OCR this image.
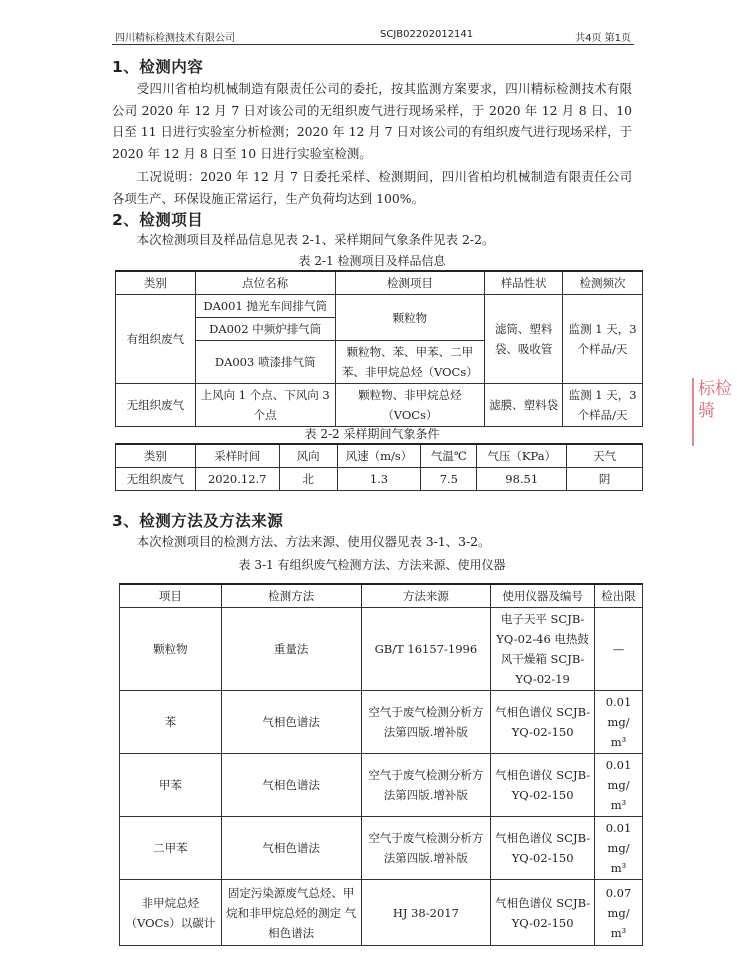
四川精标检测技术有限公司	SCJB02202012141	共4页 第1页
1、检测内容

受四川省柏均机械制造有限责任公司的委托，按其监测方案要求，四川精标检测技术有限公司 2020 年 12 月 7 日对该公司的无组织废气进行现场采样，于 2020 年 12 月 8 日、10 日至 11 日进行实验室分析检测；2020 年 12 月 7 日对该公司的有组织废气进行现场采样，于 2020 年 12 月 8 日至 10 日进行实验室检测。

工况说明：2020 年 12 月 7 日委托采样、检测期间，四川省柏均机械制造有限责任公司各项生产、环保设施正常运行，生产负荷均达到 100%。

2、检测项目

本次检测项目及样品信息见表 2-1、采样期间气象条件见表 2-2。

表 2-1 检测项目及样品信息
类别	点位名称	检测项目	样品性状	检测频次
有组织废气	DA001 抛光车间排气筒	颗粒物	滤筒、塑料袋、吸收管	监测 1 天，3 个样品/天
	DA002 中频炉排气筒			
	DA003 喷漆排气筒	颗粒物、苯、甲苯、二甲苯、非甲烷总烃（VOCs）		
无组织废气	上风向 1 个点、下风向 3 个点	颗粒物、非甲烷总烃（VOCs）	滤膜、塑料袋	监测 1 天，3 个样品/天
表 2-2 采样期间气象条件
类别	采样时间	风向	风速（m/s）	气温℃	气压（KPa）	天气
无组织废气	2020.12.7	北	1.3	7.5	98.51	阴
3、检测方法及方法来源

本次检测项目的检测方法、方法来源、使用仪器见表 3-1、3-2。

表 3-1 有组织废气检测方法、方法来源、使用仪器
项目	检测方法	方法来源	使用仪器及编号	检出限
颗粒物	重量法	GB/T 16157-1996	电子天平 SCJB-YQ-02-46 电热鼓风干燥箱 SCJB-YQ-02-19	—
苯	气相色谱法	空气于废气检测分析方法第四版.增补版	气相色谱仪 SCJB-YQ-02-150	0.01 mg/ m³
甲苯	气相色谱法	空气于废气检测分析方法第四版.增补版	气相色谱仪 SCJB-YQ-02-150	0.01 mg/ m³
二甲苯	气相色谱法	空气于废气检测分析方法第四版.增补版	气相色谱仪 SCJB-YQ-02-150	0.01 mg/ m³
非甲烷总烃（VOCs）以碳计	固定污染源废气总烃、甲烷和非甲烷总烃的测定 气相色谱法	HJ 38-2017	气相色谱仪 SCJB-YQ-02-150	0.07 mg/ m³
标检 骑
